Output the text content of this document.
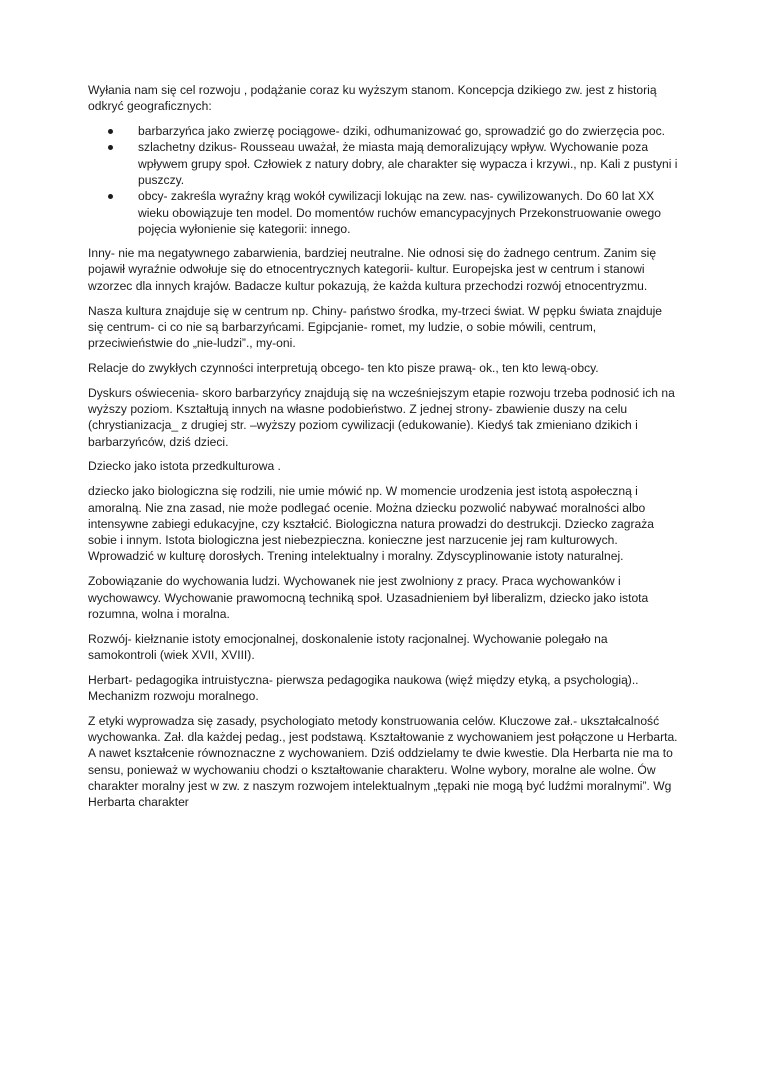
Wyłania nam się cel rozwoju , podążanie coraz ku wyższym stanom. Koncepcja dzikiego zw. jest z historią odkryć geograficznych:

barbarzyńca jako zwierzę pociągowe- dziki, odhumanizować go, sprowadzić go do zwierzęcia poc.
szlachetny dzikus- Rousseau uważał, że miasta mają demoralizujący wpływ. Wychowanie poza wpływem grupy społ. Człowiek z natury dobry, ale charakter się wypacza i krzywi., np. Kali z pustyni i puszczy.
obcy- zakreśla wyraźny krąg wokół cywilizacji lokując na zew. nas- cywilizowanych. Do 60 lat XX wieku obowiązuje ten model. Do momentów ruchów emancypacyjnych Przekonstruowanie owego pojęcia wyłonienie się kategorii: innego.

Inny- nie ma negatywnego zabarwienia, bardziej neutralne. Nie odnosi się do żadnego centrum. Zanim się pojawił wyraźnie odwołuje się do etnocentrycznych kategorii- kultur. Europejska jest w centrum i stanowi wzorzec dla innych krajów. Badacze kultur pokazują, że każda kultura przechodzi rozwój etnocentryzmu.

Nasza kultura znajduje się w centrum np. Chiny- państwo środka, my-trzeci świat. W pępku świata znajduje się centrum- ci co nie są barbarzyńcami. Egipcjanie- romet, my ludzie, o sobie mówili, centrum, przeciwieństwie do „nie-ludzi”., my-oni.

Relacje do zwykłych czynności interpretują obcego- ten kto pisze prawą- ok., ten kto lewą-obcy.

Dyskurs oświecenia- skoro barbarzyńcy znajdują się na wcześniejszym etapie rozwoju trzeba podnosić ich na wyższy poziom. Kształtują innych na własne podobieństwo. Z jednej strony- zbawienie duszy na celu (chrystianizacja_ z drugiej str. –wyższy poziom cywilizacji (edukowanie). Kiedyś tak zmieniano dzikich i barbarzyńców, dziś dzieci.

Dziecko jako istota przedkulturowa .

dziecko jako biologiczna się rodzili, nie umie mówić np. W momencie urodzenia jest istotą aspołeczną i amoralną. Nie zna zasad, nie może podlegać ocenie. Można dziecku pozwolić nabywać moralności albo intensywne zabiegi edukacyjne, czy kształcić. Biologiczna natura prowadzi do destrukcji. Dziecko zagraża sobie i innym. Istota biologiczna jest niebezpieczna. konieczne jest narzucenie jej ram kulturowych. Wprowadzić w kulturę dorosłych. Trening intelektualny i moralny. Zdyscyplinowanie istoty naturalnej.

Zobowiązanie do wychowania ludzi. Wychowanek nie jest zwolniony z pracy. Praca wychowanków i wychowawcy. Wychowanie prawomocną techniką społ. Uzasadnieniem był liberalizm, dziecko jako istota rozumna, wolna i moralna.

Rozwój- kiełznanie istoty emocjonalnej, doskonalenie istoty racjonalnej. Wychowanie polegało na samokontroli (wiek XVII, XVIII).

Herbart- pedagogika intruistyczna- pierwsza pedagogika naukowa (więź między etyką, a psychologią).. Mechanizm rozwoju moralnego.

Z etyki wyprowadza się zasady, psychologiato metody konstruowania celów. Kluczowe zał.- ukształcalność wychowanka. Zał. dla każdej pedag., jest podstawą. Kształtowanie z wychowaniem jest połączone u Herbarta. A nawet kształcenie równoznaczne z wychowaniem. Dziś oddzielamy te dwie kwestie. Dla Herbarta nie ma to sensu, ponieważ w wychowaniu chodzi o kształtowanie charakteru. Wolne wybory, moralne ale wolne. Ów charakter moralny jest w zw. z naszym rozwojem intelektualnym „tępaki nie mogą być ludźmi moralnymi”. Wg Herbarta charakter
